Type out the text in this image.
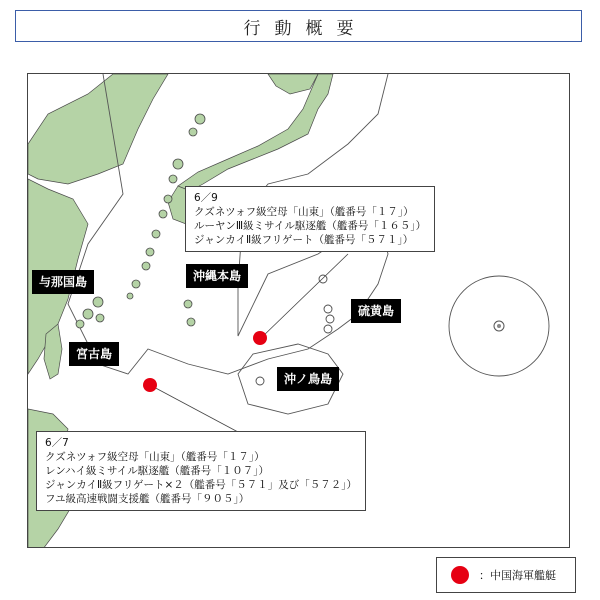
行動概要
与那国島
宮古島
沖縄本島
硫黄島
沖ノ鳥島
6／9
クズネツォフ級空母「山東」（艦番号「１７」）
ルーヤンⅢ級ミサイル駆逐艦（艦番号「１６５」）
ジャンカイⅡ級フリゲート（艦番号「５７１」）
6／7
クズネツォフ級空母「山東」（艦番号「１７」）
レンハイ級ミサイル駆逐艦（艦番号「１０７」）
ジャンカイⅡ級フリゲート×２（艦番号「５７１」及び「５７２」）
フユ級高速戦闘支援艦（艦番号「９０５」）
：中国海軍艦艇
